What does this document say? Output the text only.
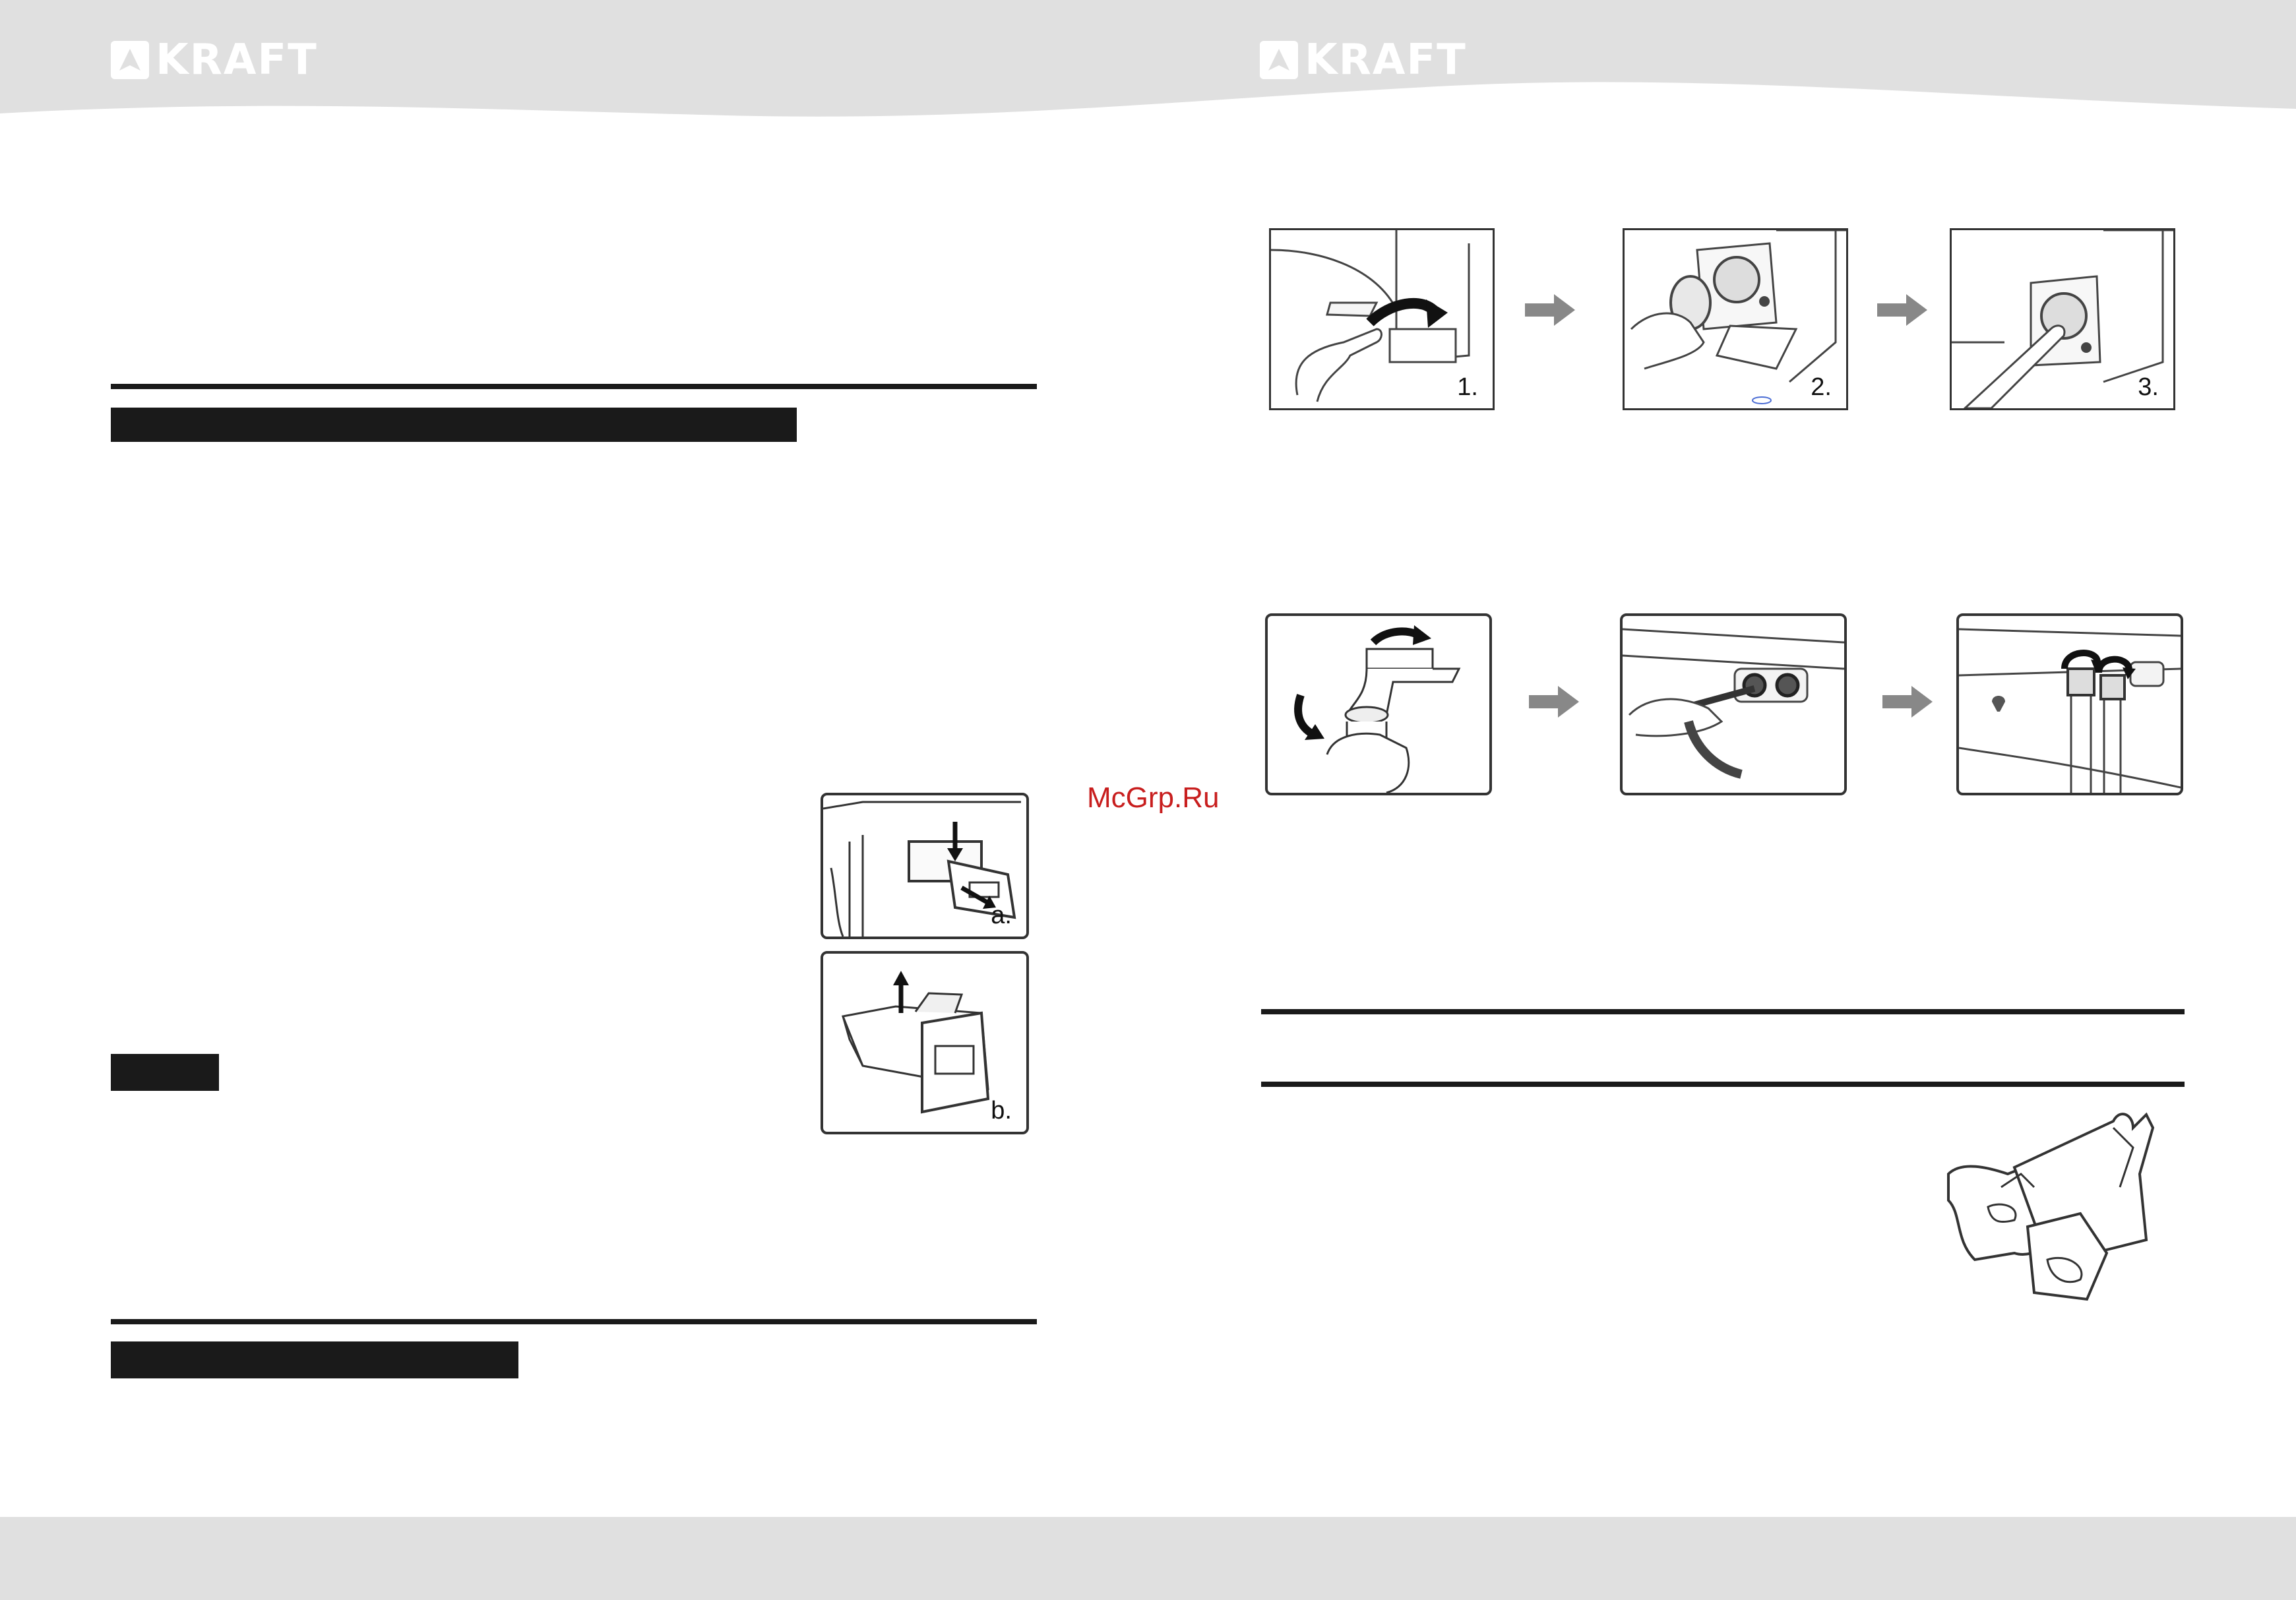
KRAFT	KRAFT
a.
b.
McGrp.Ru
1.	2.	3.
